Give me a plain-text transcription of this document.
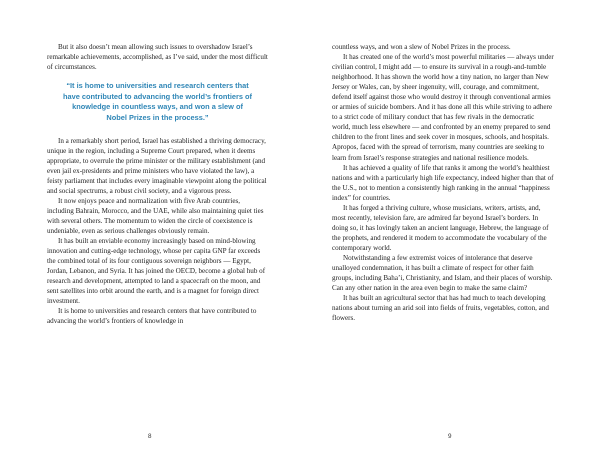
But it also doesn’t mean allowing such issues to overshadow Israel’s remarkable achievements, accomplished, as I’ve said, under the most difficult of circumstances.

“It is home to universities and research centers that have contributed to advancing the world’s frontiers of knowledge in countless ways, and won a slew of Nobel Prizes in the process.”

In a remarkably short period, Israel has established a thriving democracy, unique in the region, including a Supreme Court prepared, when it deems appropriate, to overrule the prime minister or the military establishment (and even jail ex-presidents and prime ministers who have violated the law), a feisty parliament that includes every imaginable viewpoint along the political and social spectrums, a robust civil society, and a vigorous press.

It now enjoys peace and normalization with five Arab countries, including Bahrain, Morocco, and the UAE, while also maintaining quiet ties with several others. The momentum to widen the circle of coexistence is undeniable, even as serious challenges obviously remain.

It has built an enviable economy increasingly based on mind-blowing innovation and cutting-edge technology, whose per capita GNP far exceeds the combined total of its four contiguous sovereign neighbors — Egypt, Jordan, Lebanon, and Syria. It has joined the OECD, become a global hub of research and development, attempted to land a spacecraft on the moon, and sent satellites into orbit around the earth, and is a magnet for foreign direct investment.

It is home to universities and research centers that have contributed to advancing the world’s frontiers of knowledge in

8

countless ways, and won a slew of Nobel Prizes in the process.

It has created one of the world’s most powerful militaries — always under civilian control, I might add — to ensure its survival in a rough-and-tumble neighborhood. It has shown the world how a tiny nation, no larger than New Jersey or Wales, can, by sheer ingenuity, will, courage, and commitment, defend itself against those who would destroy it through conventional armies or armies of suicide bombers. And it has done all this while striving to adhere to a strict code of military conduct that has few rivals in the democratic world, much less elsewhere — and confronted by an enemy prepared to send children to the front lines and seek cover in mosques, schools, and hospitals. Apropos, faced with the spread of terrorism, many countries are seeking to learn from Israel’s response strategies and national resilience models.

It has achieved a quality of life that ranks it among the world’s healthiest nations and with a particularly high life expectancy, indeed higher than that of the U.S., not to mention a consistently high ranking in the annual “happiness index” for countries.

It has forged a thriving culture, whose musicians, writers, artists, and, most recently, television fare, are admired far beyond Israel’s borders. In doing so, it has lovingly taken an ancient language, Hebrew, the language of the prophets, and rendered it modern to accommodate the vocabulary of the contemporary world.

Notwithstanding a few extremist voices of intolerance that deserve unalloyed condemnation, it has built a climate of respect for other faith groups, including Baha’i, Christianity, and Islam, and their places of worship. Can any other nation in the area even begin to make the same claim?

It has built an agricultural sector that has had much to teach developing nations about turning an arid soil into fields of fruits, vegetables, cotton, and flowers.

9
